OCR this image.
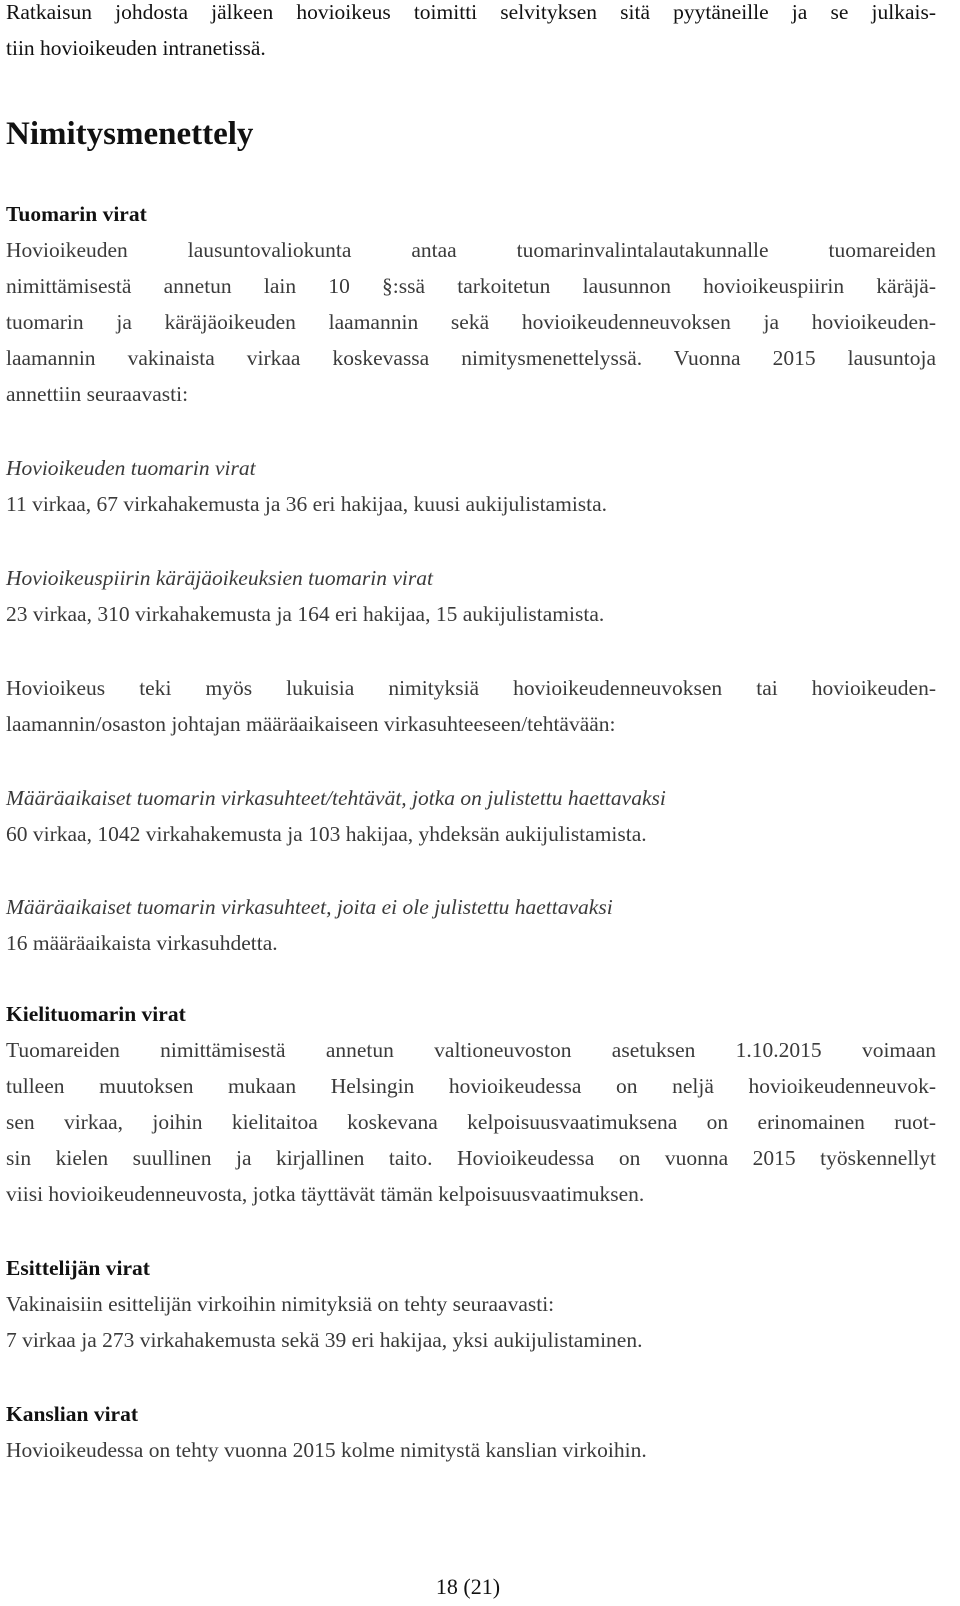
Ratkaisun johdosta jälkeen hovioikeus toimitti selvityksen sitä pyytäneille ja se julkais-

tiin hovioikeuden intranetissä.

Nimitysmenettely
Tuomarin virat

Hovioikeuden lausuntovaliokunta antaa tuomarinvalintalautakunnalle tuomareiden

nimittämisestä annetun lain 10 §:ssä tarkoitetun lausunnon hovioikeuspiirin käräjä-

tuomarin ja käräjäoikeuden laamannin sekä hovioikeudenneuvoksen ja hovioikeuden-

laamannin vakinaista virkaa koskevassa nimitysmenettelyssä. Vuonna 2015 lausuntoja

annettiin seuraavasti:

Hovioikeuden tuomarin virat

11 virkaa, 67 virkahakemusta ja 36 eri hakijaa, kuusi aukijulistamista.

Hovioikeuspiirin käräjäoikeuksien tuomarin virat

23 virkaa, 310 virkahakemusta ja 164 eri hakijaa, 15 aukijulistamista.

Hovioikeus teki myös lukuisia nimityksiä hovioikeudenneuvoksen tai hovioikeuden-

laamannin/osaston johtajan määräaikaiseen virkasuhteeseen/tehtävään:

Määräaikaiset tuomarin virkasuhteet/tehtävät, jotka on julistettu haettavaksi

60 virkaa, 1042 virkahakemusta ja 103 hakijaa, yhdeksän aukijulistamista.

Määräaikaiset tuomarin virkasuhteet, joita ei ole julistettu haettavaksi

16 määräaikaista virkasuhdetta.

Kielituomarin virat

Tuomareiden nimittämisestä annetun valtioneuvoston asetuksen 1.10.2015 voimaan

tulleen muutoksen mukaan Helsingin hovioikeudessa on neljä hovioikeudenneuvok-

sen virkaa, joihin kielitaitoa koskevana kelpoisuusvaatimuksena on erinomainen ruot-

sin kielen suullinen ja kirjallinen taito. Hovioikeudessa on vuonna 2015 työskennellyt

viisi hovioikeudenneuvosta, jotka täyttävät tämän kelpoisuusvaatimuksen.

Esittelijän virat

Vakinaisiin esittelijän virkoihin nimityksiä on tehty seuraavasti:

7 virkaa ja 273 virkahakemusta sekä 39 eri hakijaa, yksi aukijulistaminen.

Kanslian virat

Hovioikeudessa on tehty vuonna 2015 kolme nimitystä kanslian virkoihin.

18 (21)
